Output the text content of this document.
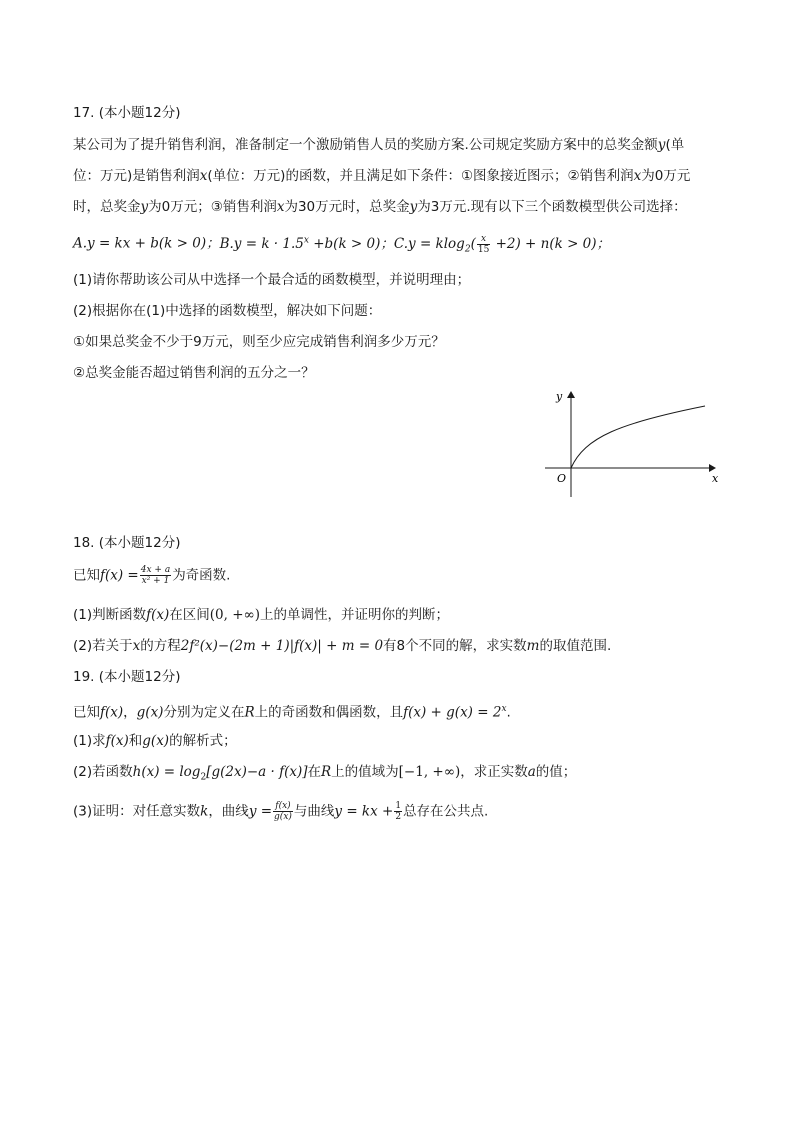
17. (本小题12分)
某公司为了提升销售利润，准备制定一个激励销售人员的奖励方案.公司规定奖励方案中的总奖金额y(单
位：万元)是销售利润x(单位：万元)的函数，并且满足如下条件：①图象接近图示；②销售利润x为0万元
时，总奖金y为0万元；③销售利润x为30万元时，总奖金y为3万元.现有以下三个函数模型供公司选择：
A.y = kx + b(k > 0)；$B.y = k \cdot 1.5^x +b(k > 0)$；$C.y = klog_2( \frac{x}{15} +2) + n(k > 0)$；
(1)请你帮助该公司从中选择一个最合适的函数模型，并说明理由；
(2)根据你在(1)中选择的函数模型，解决如下问题：
①如果总奖金不少于9万元，则至少应完成销售利润多少万元？
②总奖金能否超过销售利润的五分之一？
y
x
O
18. (本小题12分)
已知$f(x) = \frac{4x + a}{\text{x² + 1}}$ 为奇函数.
(1)判断函数f(x)在区间(0, +∞)上的单调性，并证明你的判断；
(2)若关于x的方程2f²(x)−(2m + 1)|f(x)| + m = 0有8个不同的解，求实数m的取值范围.
19. (本小题12分)
已知f(x)，g(x)分别为定义在R上的奇函数和偶函数，且$f(x) + g(x) = 2^x$.
(1)求f(x)和g(x)的解析式；
(2)若函数$h(x) = \log_2[g(2x)-a \cdot f(x)]$在R上的值域为[−1, +∞)，求正实数a的值；
(3)证明：对任意实数k，曲线$y = \frac{f(x)}{g(x)}$ 与曲线y = kx + $\frac{1}{2}$ 总存在公共点.
